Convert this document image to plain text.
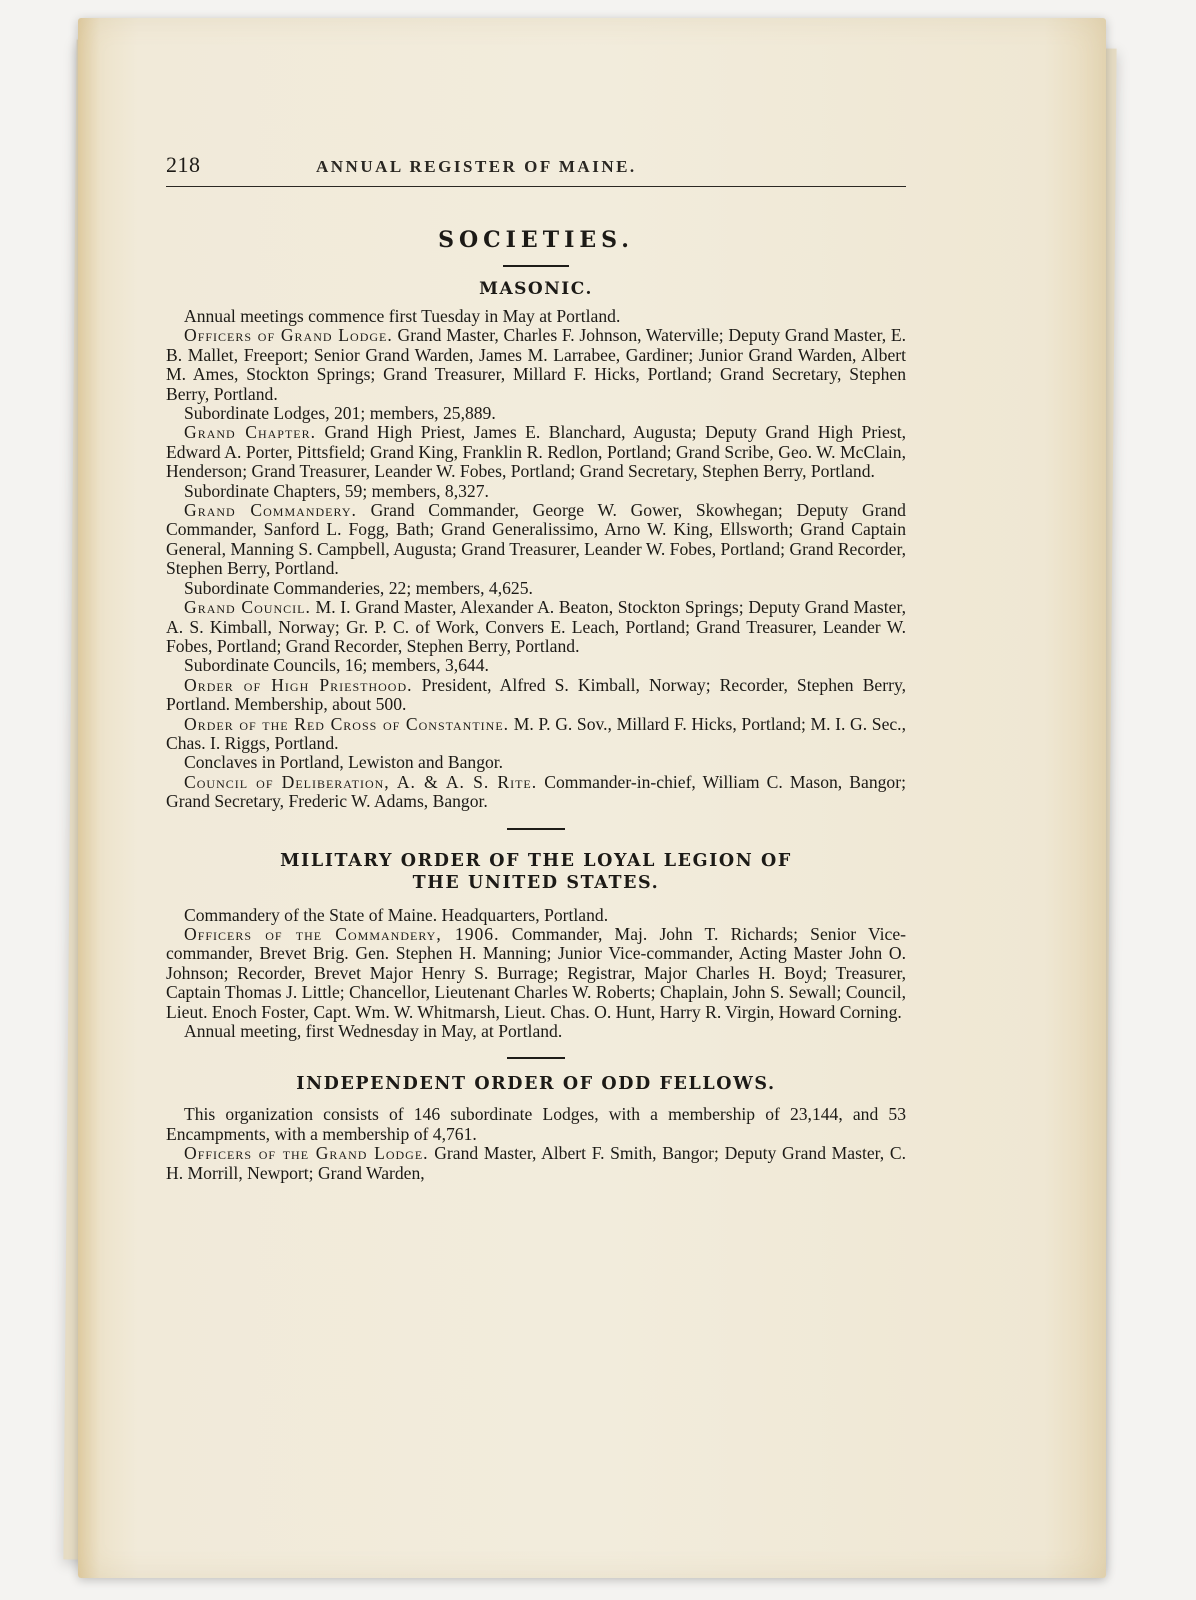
218	ANNUAL REGISTER OF MAINE.
SOCIETIES.
MASONIC.

Annual meetings commence first Tuesday in May at Portland.

Officers of Grand Lodge. Grand Master, Charles F. Johnson, Waterville; Deputy Grand Master, E. B. Mallet, Freeport; Senior Grand Warden, James M. Larrabee, Gardiner; Junior Grand Warden, Albert M. Ames, Stockton Springs; Grand Treasurer, Millard F. Hicks, Portland; Grand Secretary, Stephen Berry, Portland.

Subordinate Lodges, 201; members, 25,889.

Grand Chapter. Grand High Priest, James E. Blanchard, Augusta; Deputy Grand High Priest, Edward A. Porter, Pittsfield; Grand King, Franklin R. Redlon, Portland; Grand Scribe, Geo. W. McClain, Henderson; Grand Treasurer, Leander W. Fobes, Portland; Grand Secretary, Stephen Berry, Portland.

Subordinate Chapters, 59; members, 8,327.

Grand Commandery. Grand Commander, George W. Gower, Skowhegan; Deputy Grand Commander, Sanford L. Fogg, Bath; Grand Generalissimo, Arno W. King, Ellsworth; Grand Captain General, Manning S. Campbell, Augusta; Grand Treasurer, Leander W. Fobes, Portland; Grand Recorder, Stephen Berry, Portland.

Subordinate Commanderies, 22; members, 4,625.

Grand Council. M. I. Grand Master, Alexander A. Beaton, Stockton Springs; Deputy Grand Master, A. S. Kimball, Norway; Gr. P. C. of Work, Convers E. Leach, Portland; Grand Treasurer, Leander W. Fobes, Portland; Grand Recorder, Stephen Berry, Portland.

Subordinate Councils, 16; members, 3,644.

Order of High Priesthood. President, Alfred S. Kimball, Norway; Recorder, Stephen Berry, Portland. Membership, about 500.

Order of the Red Cross of Constantine. M. P. G. Sov., Millard F. Hicks, Portland; M. I. G. Sec., Chas. I. Riggs, Portland.

Conclaves in Portland, Lewiston and Bangor.

Council of Deliberation, A. & A. S. Rite. Commander-in-chief, William C. Mason, Bangor; Grand Secretary, Frederic W. Adams, Bangor.

MILITARY ORDER OF THE LOYAL LEGION OF
THE UNITED STATES.

Commandery of the State of Maine. Headquarters, Portland.

Officers of the Commandery, 1906. Commander, Maj. John T. Richards; Senior Vice-commander, Brevet Brig. Gen. Stephen H. Manning; Junior Vice-commander, Acting Master John O. Johnson; Recorder, Brevet Major Henry S. Burrage; Registrar, Major Charles H. Boyd; Treasurer, Captain Thomas J. Little; Chancellor, Lieutenant Charles W. Roberts; Chaplain, John S. Sewall; Council, Lieut. Enoch Foster, Capt. Wm. W. Whitmarsh, Lieut. Chas. O. Hunt, Harry R. Virgin, Howard Corning.

Annual meeting, first Wednesday in May, at Portland.

INDEPENDENT ORDER OF ODD FELLOWS.

This organization consists of 146 subordinate Lodges, with a membership of 23,144, and 53 Encampments, with a membership of 4,761.

Officers of the Grand Lodge. Grand Master, Albert F. Smith, Bangor; Deputy Grand Master, C. H. Morrill, Newport; Grand Warden,
